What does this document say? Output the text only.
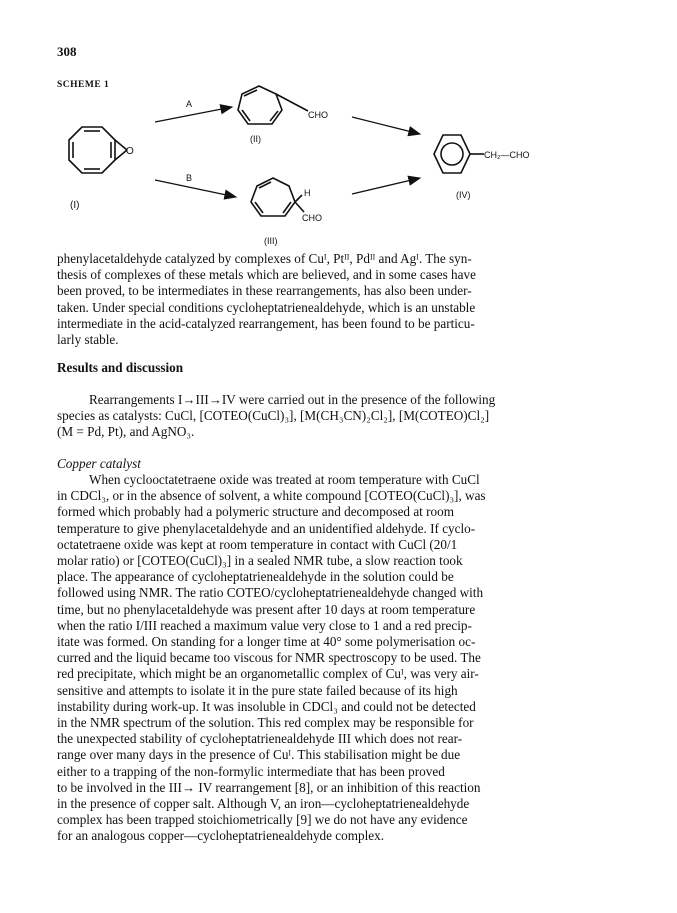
308
SCHEME 1
O
(I)
A
CHO
(II)
CH₂—CHO
(IV)
B
H
CHO
(III)

phenylacetaldehyde catalyzed by complexes of Cuᴵ, Ptᴵᴵ, Pdᴵᴵ and Agᴵ. The syn-

thesis of complexes of these metals which are believed, and in some cases have

been proved, to be intermediates in these rearrangements, has also been under-

taken. Under special conditions cycloheptatrienealdehyde, which is an unstable

intermediate in the acid-catalyzed rearrangement, has been found to be particu-

larly stable.

Results and discussion

Rearrangements I→III→IV were carried out in the presence of the following

species as catalysts: CuCl, [COTEO(CuCl)₃], [M(CH₃CN)₂Cl₂], [M(COTEO)Cl₂]

(M = Pd, Pt), and AgNO₃.

Copper catalyst

When cyclooctatetraene oxide was treated at room temperature with CuCl

in CDCl₃, or in the absence of solvent, a white compound [COTEO(CuCl)₃], was

formed which probably had a polymeric structure and decomposed at room

temperature to give phenylacetaldehyde and an unidentified aldehyde. If cyclo-

octatetraene oxide was kept at room temperature in contact with CuCl (20/1

molar ratio) or [COTEO(CuCl)₃] in a sealed NMR tube, a slow reaction took

place. The appearance of cycloheptatrienealdehyde in the solution could be

followed using NMR. The ratio COTEO/cycloheptatrienealdehyde changed with

time, but no phenylacetaldehyde was present after 10 days at room temperature

when the ratio I/III reached a maximum value very close to 1 and a red precip-

itate was formed. On standing for a longer time at 40° some polymerisation oc-

curred and the liquid became too viscous for NMR spectroscopy to be used. The

red precipitate, which might be an organometallic complex of Cuᴵ, was very air-

sensitive and attempts to isolate it in the pure state failed because of its high

instability during work-up. It was insoluble in CDCl₃ and could not be detected

in the NMR spectrum of the solution. This red complex may be responsible for

the unexpected stability of cycloheptatrienealdehyde III which does not rear-

range over many days in the presence of Cuᴵ. This stabilisation might be due

either to a trapping of the non-formylic intermediate that has been proved

to be involved in the III→ IV rearrangement [8], or an inhibition of this reaction

in the presence of copper salt. Although V, an iron—cycloheptatrienealdehyde

complex has been trapped stoichiometrically [9] we do not have any evidence

for an analogous copper—cycloheptatrienealdehyde complex.
